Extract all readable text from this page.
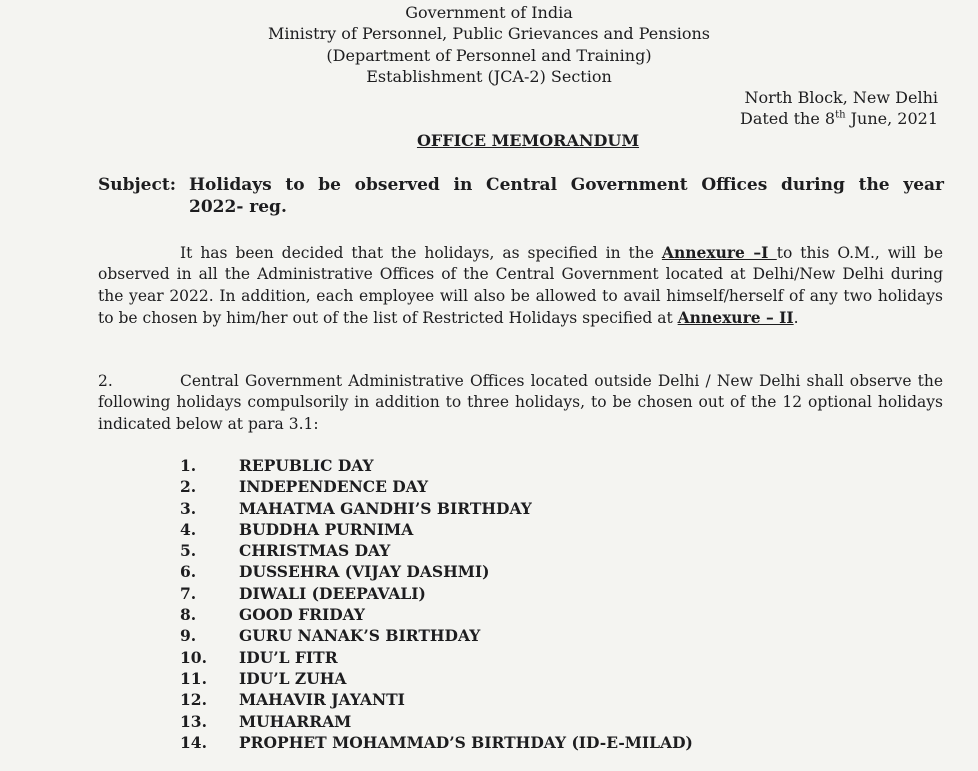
Government of India
Ministry of Personnel, Public Grievances and Pensions
(Department of Personnel and Training)
Establishment (JCA-2) Section
North Block, New Delhi
Dated the 8th June, 2021
OFFICE MEMORANDUM
Subject: Holidays to be observed in Central Government Offices during the year
2022- reg.
It has been decided that the holidays, as specified in the Annexure –I to this O.M., will be observed in all the Administrative Offices of the Central Government located at Delhi/New Delhi during the year 2022. In addition, each employee will also be allowed to avail himself/herself of any two holidays to be chosen by him/her out of the list of Restricted Holidays specified at Annexure – II.
2.	Central Government Administrative Offices located outside Delhi / New Delhi shall observe the following holidays compulsorily in addition to three holidays, to be chosen out of the 12 optional holidays indicated below at para 3.1:
1.	REPUBLIC DAY
2.	INDEPENDENCE DAY
3.	MAHATMA GANDHI’S BIRTHDAY
4.	BUDDHA PURNIMA
5.	CHRISTMAS DAY
6.	DUSSEHRA (VIJAY DASHMI)
7.	DIWALI (DEEPAVALI)
8.	GOOD FRIDAY
9.	GURU NANAK’S BIRTHDAY
10.	IDU’L FITR
11.	IDU’L ZUHA
12.	MAHAVIR JAYANTI
13.	MUHARRAM
14.	PROPHET MOHAMMAD’S BIRTHDAY (ID-E-MILAD)
